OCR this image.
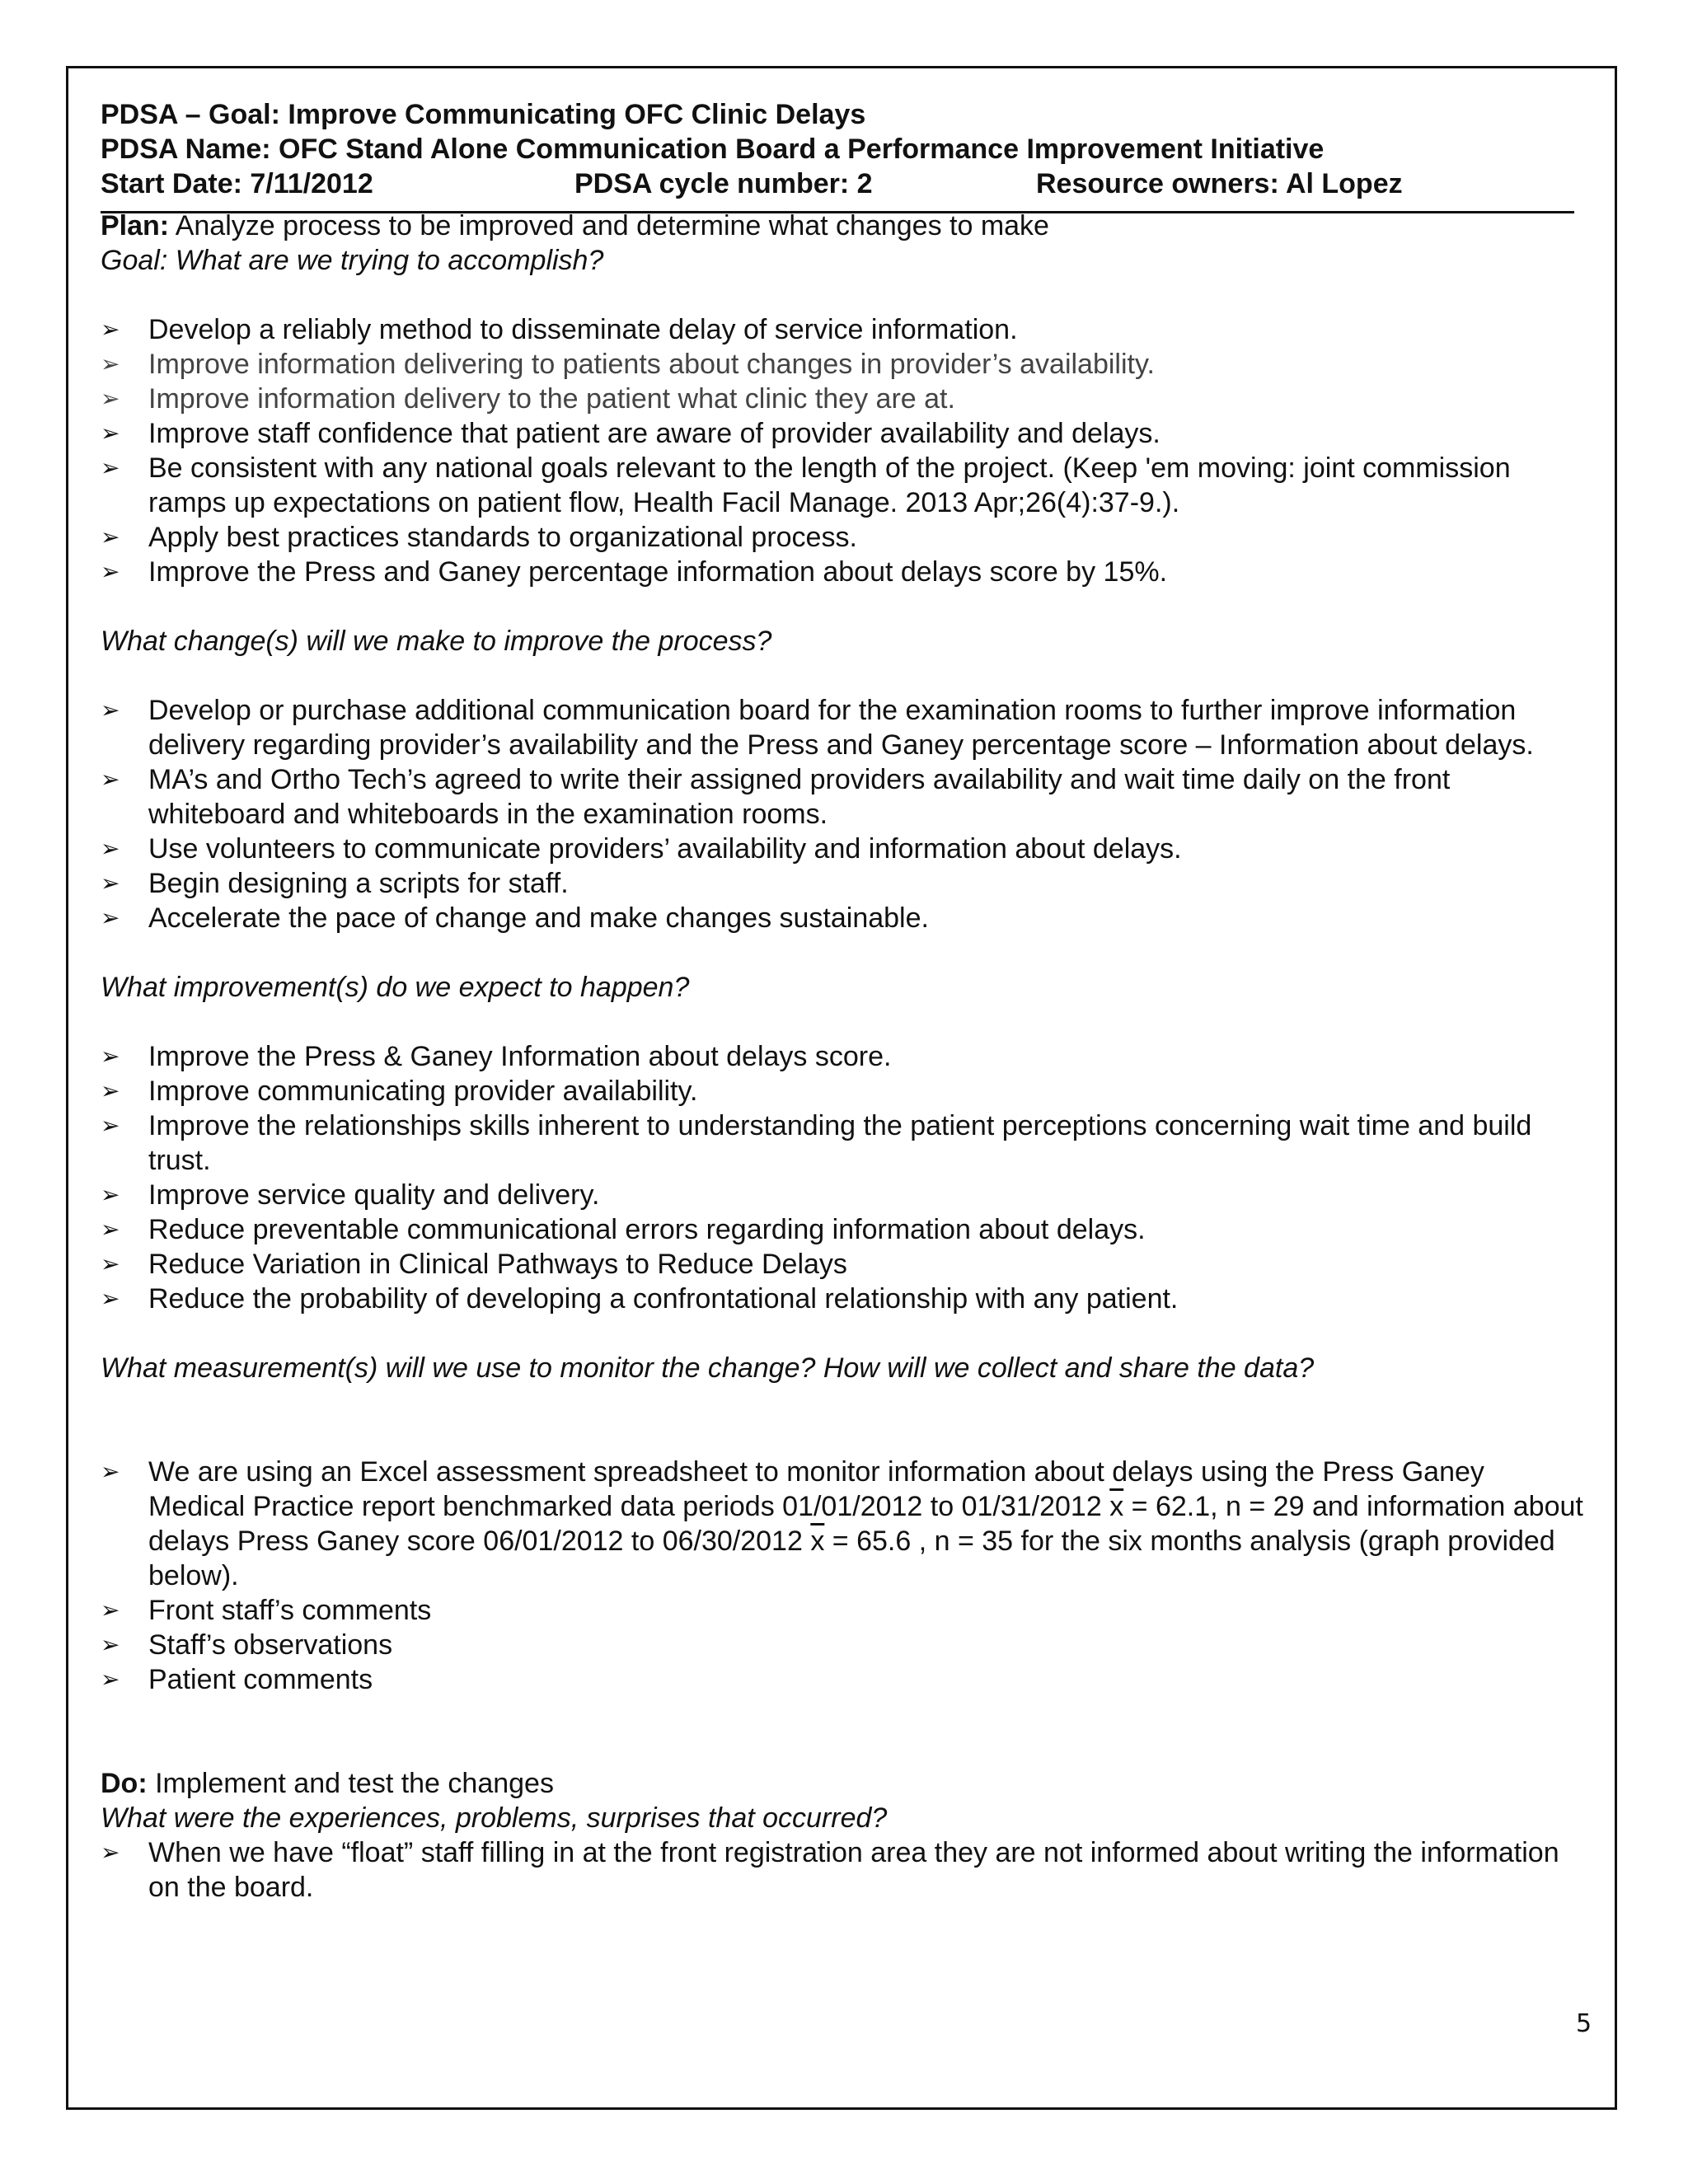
PDSA – Goal: Improve Communicating OFC Clinic Delays
PDSA Name: OFC Stand Alone Communication Board a Performance Improvement Initiative
Start Date: 7/11/2012	PDSA cycle number: 2	Resource owners: Al Lopez
Plan: Analyze process to be improved and determine what changes to make
Goal: What are we trying to accomplish?
➢ Develop a reliably method to disseminate delay of service information.
➢ Improve information delivering to patients about changes in provider’s availability.
➢ Improve information delivery to the patient what clinic they are at.
➢ Improve staff confidence that patient are aware of provider availability and delays.
➢ Be consistent with any national goals relevant to the length of the project. (Keep 'em moving: joint commission ramps up expectations on patient flow, Health Facil Manage. 2013 Apr;26(4):37-9.).
➢ Apply best practices standards to organizational process.
➢ Improve the Press and Ganey percentage information about delays score by 15%.
What change(s) will we make to improve the process?
➢ Develop or purchase additional communication board for the examination rooms to further improve information delivery regarding provider’s availability and the Press and Ganey percentage score – Information about delays.
➢ MA’s and Ortho Tech’s agreed to write their assigned providers availability and wait time daily on the front whiteboard and whiteboards in the examination rooms.
➢ Use volunteers to communicate providers’ availability and information about delays.
➢ Begin designing a scripts for staff.
➢ Accelerate the pace of change and make changes sustainable.
What improvement(s) do we expect to happen?
➢ Improve the Press & Ganey Information about delays score.
➢ Improve communicating provider availability.
➢ Improve the relationships skills inherent to understanding the patient perceptions concerning wait time and build trust.
➢ Improve service quality and delivery.
➢ Reduce preventable communicational errors regarding information about delays.
➢ Reduce Variation in Clinical Pathways to Reduce Delays
➢ Reduce the probability of developing a confrontational relationship with any patient.
What measurement(s) will we use to monitor the change? How will we collect and share the data?
➢ We are using an Excel assessment spreadsheet to monitor information about delays using the Press Ganey Medical Practice report benchmarked data periods 01/01/2012 to 01/31/2012 $\overline{x} = 62.1$, n = 29 and information about delays Press Ganey score 06/01/2012 to 06/30/2012 $\overline{x} = 65.6$ , n = 35 for the six months analysis (graph provided below).
➢ Front staff’s comments
➢ Staff’s observations
➢ Patient comments
Do: Implement and test the changes
What were the experiences, problems, surprises that occurred?
➢ When we have “float” staff filling in at the front registration area they are not informed about writing the information on the board.
5
